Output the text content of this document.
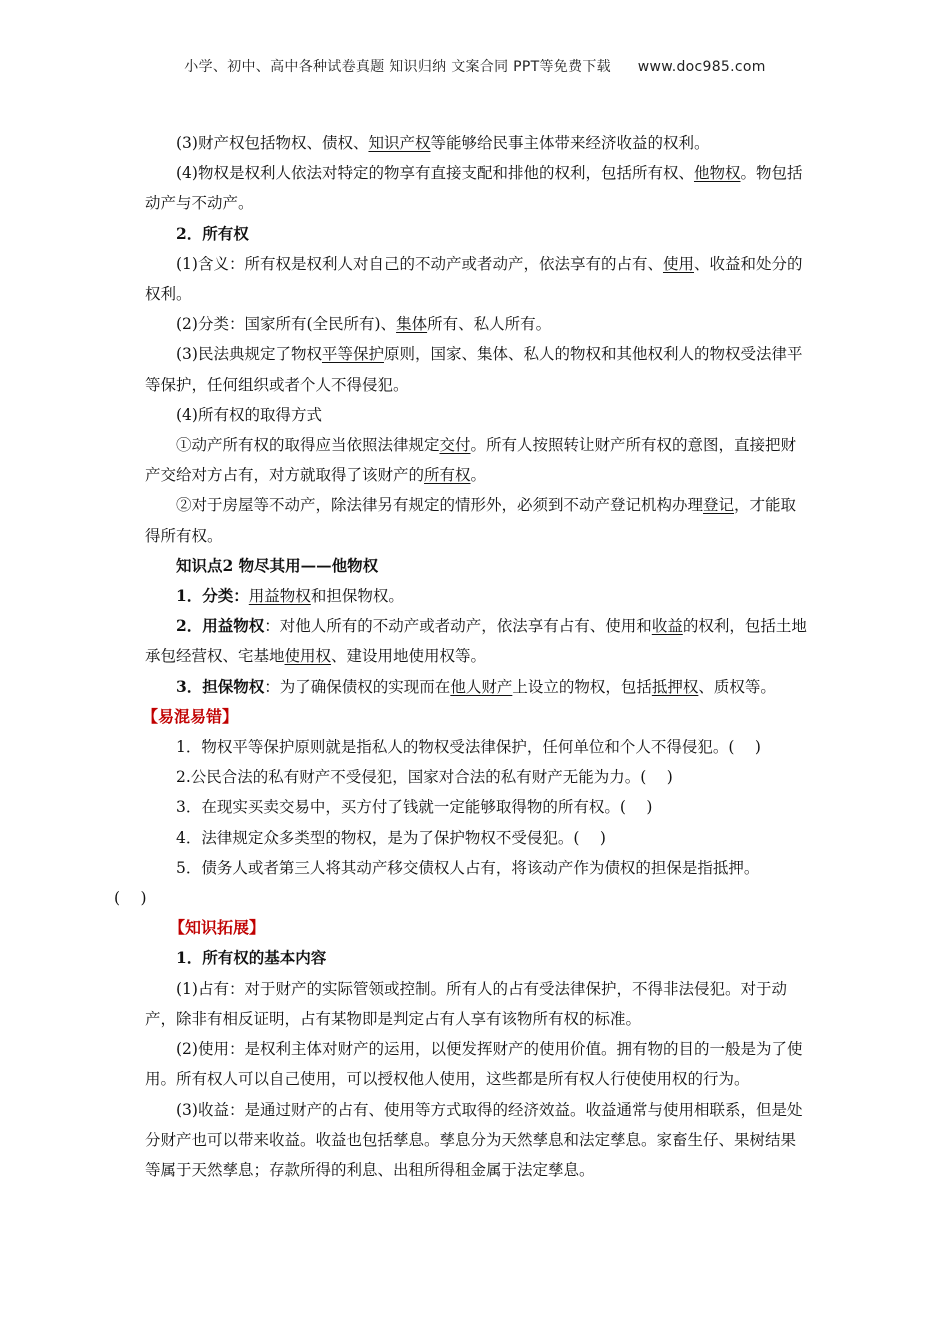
小学、初中、高中各种试卷真题 知识归纳 文案合同 PPT等免费下载 www.doc985.com

(3)财产权包括物权、债权、知识产权等能够给民事主体带来经济收益的权利。

(4)物权是权利人依法对特定的物享有直接支配和排他的权利，包括所有权、他物权。物包括动产与不动产。

2．所有权

(1)含义：所有权是权利人对自己的不动产或者动产，依法享有的占有、使用、收益和处分的权利。

(2)分类：国家所有(全民所有)、集体所有、私人所有。

(3)民法典规定了物权平等保护原则，国家、集体、私人的物权和其他权利人的物权受法律平等保护，任何组织或者个人不得侵犯。

(4)所有权的取得方式

①动产所有权的取得应当依照法律规定交付。所有人按照转让财产所有权的意图，直接把财产交给对方占有，对方就取得了该财产的所有权。

②对于房屋等不动产，除法律另有规定的情形外，必须到不动产登记机构办理登记，才能取得所有权。

知识点2 物尽其用——他物权

1．分类：用益物权和担保物权。

2．用益物权：对他人所有的不动产或者动产，依法享有占有、使用和收益的权利，包括土地承包经营权、宅基地使用权、建设用地使用权等。

3．担保物权：为了确保债权的实现而在他人财产上设立的物权，包括抵押权、质权等。

【易混易错】

1．物权平等保护原则就是指私人的物权受法律保护，任何单位和个人不得侵犯。(　 )

2.公民合法的私有财产不受侵犯，国家对合法的私有财产无能为力。(　 )

3．在现实买卖交易中，买方付了钱就一定能够取得物的所有权。(　 )

4．法律规定众多类型的物权，是为了保护物权不受侵犯。(　 )

5．债务人或者第三人将其动产移交债权人占有，将该动产作为债权的担保是指抵押。
(　 )

【知识拓展】

1．所有权的基本内容

(1)占有：对于财产的实际管领或控制。所有人的占有受法律保护，不得非法侵犯。对于动产，除非有相反证明，占有某物即是判定占有人享有该物所有权的标准。

(2)使用：是权利主体对财产的运用，以便发挥财产的使用价值。拥有物的目的一般是为了使用。所有权人可以自己使用，可以授权他人使用，这些都是所有权人行使使用权的行为。

(3)收益：是通过财产的占有、使用等方式取得的经济效益。收益通常与使用相联系，但是处分财产也可以带来收益。收益也包括孳息。孳息分为天然孳息和法定孳息。家畜生仔、果树结果等属于天然孳息；存款所得的利息、出租所得租金属于法定孳息。
